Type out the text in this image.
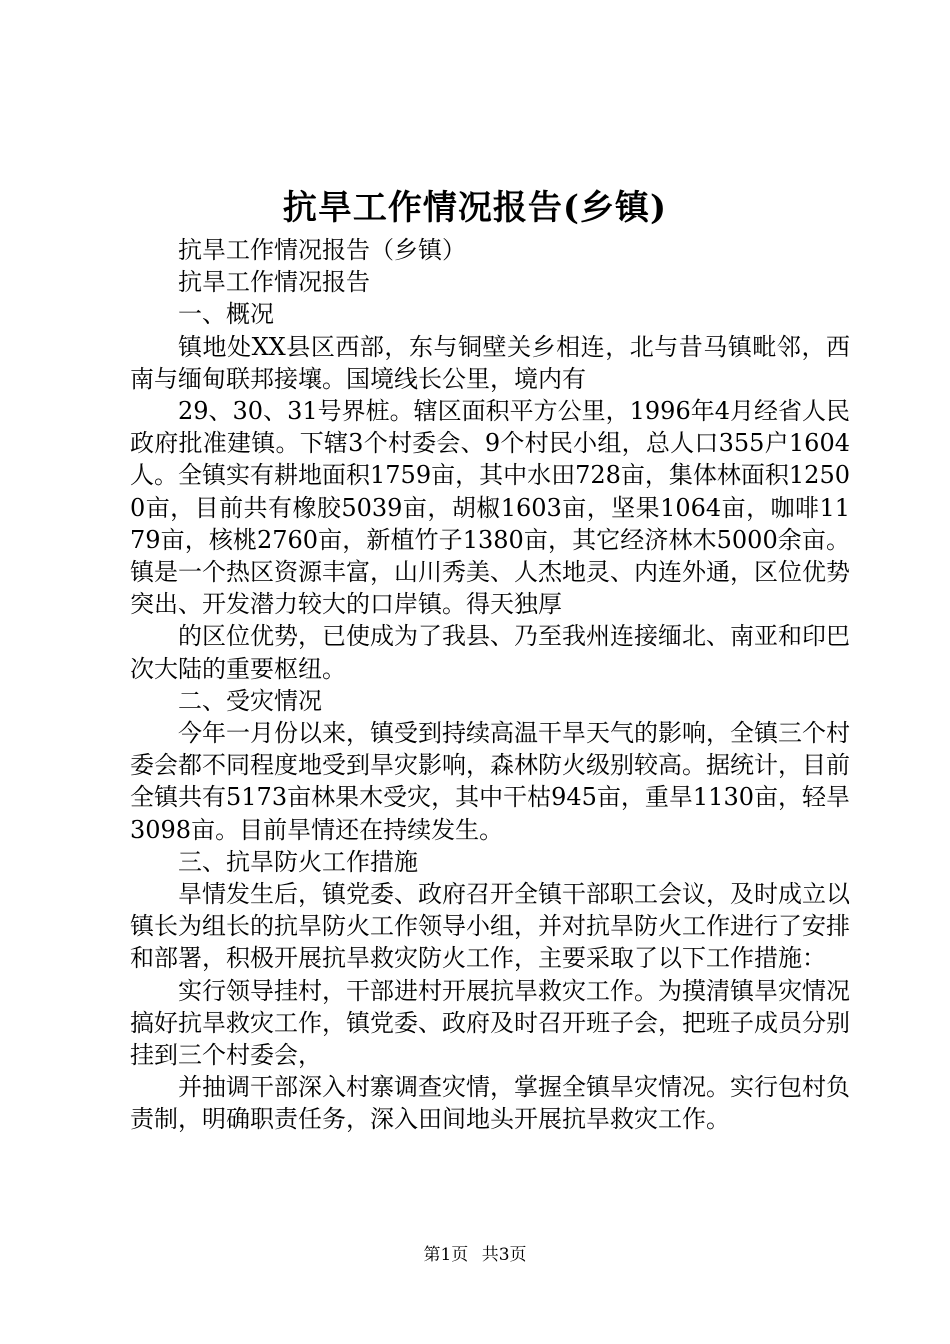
抗旱工作情况报告(乡镇)

抗旱工作情况报告（乡镇）

抗旱工作情况报告

一、概况

镇地处XX县区西部，东与铜壁关乡相连，北与昔马镇毗邻，西南与缅甸联邦接壤。国境线长公里，境内有

29、30、31号界桩。辖区面积平方公里，1996年4月经省人民政府批准建镇。下辖3个村委会、9个村民小组，总人口355户1604人。全镇实有耕地面积1759亩，其中水田728亩，集体林面积12500亩，目前共有橡胶5039亩，胡椒1603亩，坚果1064亩，咖啡1179亩，核桃2760亩，新植竹子1380亩，其它经济林木5000余亩。镇是一个热区资源丰富，山川秀美、人杰地灵、内连外通，区位优势突出、开发潜力较大的口岸镇。得天独厚

的区位优势，已使成为了我县、乃至我州连接缅北、南亚和印巴次大陆的重要枢纽。

二、受灾情况

今年一月份以来，镇受到持续高温干旱天气的影响，全镇三个村委会都不同程度地受到旱灾影响，森林防火级别较高。据统计，目前全镇共有5173亩林果木受灾，其中干枯945亩，重旱1130亩，轻旱3098亩。目前旱情还在持续发生。

三、抗旱防火工作措施

旱情发生后，镇党委、政府召开全镇干部职工会议，及时成立以镇长为组长的抗旱防火工作领导小组，并对抗旱防火工作进行了安排和部署，积极开展抗旱救灾防火工作，主要采取了以下工作措施：

实行领导挂村，干部进村开展抗旱救灾工作。为摸清镇旱灾情况搞好抗旱救灾工作，镇党委、政府及时召开班子会，把班子成员分别挂到三个村委会，

并抽调干部深入村寨调查灾情，掌握全镇旱灾情况。实行包村负责制，明确职责任务，深入田间地头开展抗旱救灾工作。

第1页 共3页
